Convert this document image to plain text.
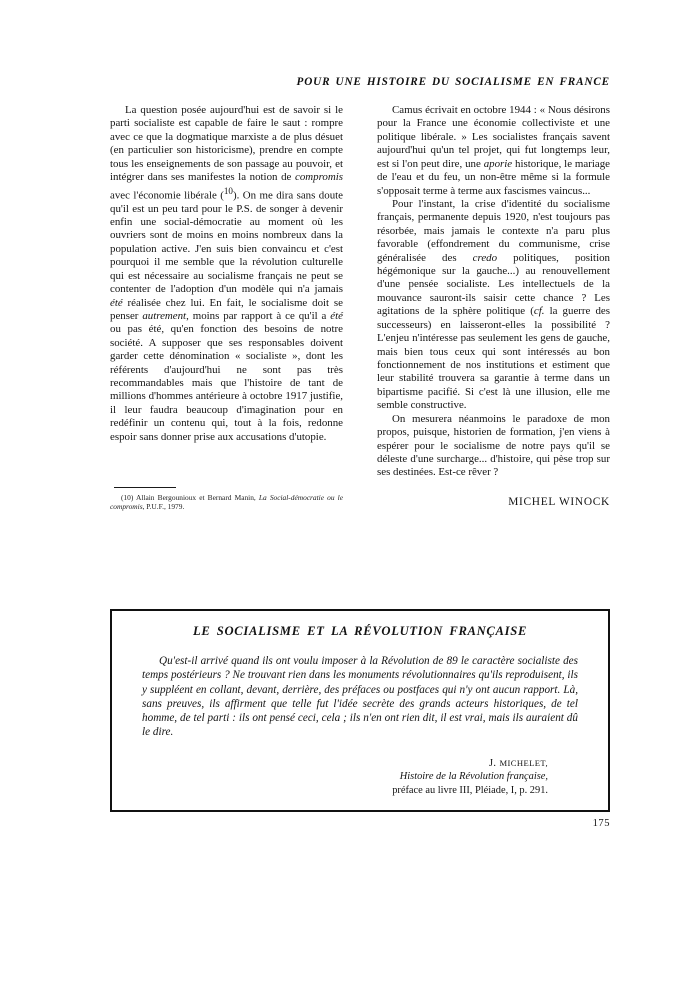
POUR UNE HISTOIRE DU SOCIALISME EN FRANCE

La question posée aujourd'hui est de savoir si le parti socialiste est capable de faire le saut : rompre avec ce que la dogmatique marxiste a de plus désuet (en particulier son historicisme), prendre en compte tous les enseignements de son passage au pouvoir, et intégrer dans ses manifestes la notion de compromis avec l'économie libérale ($^{10}$). On me dira sans doute qu'il est un peu tard pour le P.S. de songer à devenir enfin une social-démocratie au moment où les ouvriers sont de moins en moins nombreux dans la population active. J'en suis bien convaincu et c'est pourquoi il me semble que la révolution culturelle qui est nécessaire au socialisme français ne peut se contenter de l'adoption d'un modèle qui n'a jamais été réalisée chez lui. En fait, le socialisme doit se penser autrement, moins par rapport à ce qu'il a été ou pas été, qu'en fonction des besoins de notre société. A supposer que ses responsables doivent garder cette dénomination « socialiste », dont les référents d'aujourd'hui ne sont pas très recommandables mais que l'histoire de tant de millions d'hommes antérieure à octobre 1917 justifie, il leur faudra beaucoup d'imagination pour en redéfinir un contenu qui, tout à la fois, redonne espoir sans donner prise aux accusations d'utopie.

Camus écrivait en octobre 1944 : « Nous désirons pour la France une économie collectiviste et une politique libérale. » Les socialistes français savent aujourd'hui qu'un tel projet, qui fut longtemps leur, est si l'on peut dire, une aporie historique, le mariage de l'eau et du feu, un non-être même si la formule s'opposait terme à terme aux fascismes vaincus...

Pour l'instant, la crise d'identité du socialisme français, permanente depuis 1920, n'est toujours pas résorbée, mais jamais le contexte n'a paru plus favorable (effondrement du communisme, crise généralisée des credo politiques, position hégémonique sur la gauche...) au renouvellement d'une pensée socialiste. Les intellectuels de la mouvance sauront-ils saisir cette chance ? Les agitations de la sphère politique (cf. la guerre des successeurs) en laisseront-elles la possibilité ? L'enjeu n'intéresse pas seulement les gens de gauche, mais bien tous ceux qui sont intéressés au bon fonctionnement de nos institutions et estiment que leur stabilité trouvera sa garantie à terme dans un bipartisme pacifié. Si c'est là une illusion, elle me semble constructive.

On mesurera néanmoins le paradoxe de mon propos, puisque, historien de formation, j'en viens à espérer pour le socialisme de notre pays qu'il se déleste d'une surcharge... d'histoire, qui pèse trop sur ses destinées. Est-ce rêver ?

(10) Allain Bergounioux et Bernard Manin, La Social-démocratie ou le compromis, P.U.F., 1979.	MICHEL WINOCK
LE SOCIALISME ET LA RÉVOLUTION FRANÇAISE
Qu'est-il arrivé quand ils ont voulu imposer à la Révolution de 89 le caractère socialiste des temps postérieurs ? Ne trouvant rien dans les monuments révolutionnaires qu'ils reproduisent, ils y suppléent en collant, devant, derrière, des préfaces ou postfaces qui n'y ont aucun rapport. Là, sans preuves, ils affirment que telle fut l'idée secrète des grands acteurs historiques, de tel homme, de tel parti : ils ont pensé ceci, cela ; ils n'en ont rien dit, il est vrai, mais ils auraient dû le dire.
J. MICHELET,
Histoire de la Révolution française,
préface au livre III, Pléiade, I, p. 291.
175
